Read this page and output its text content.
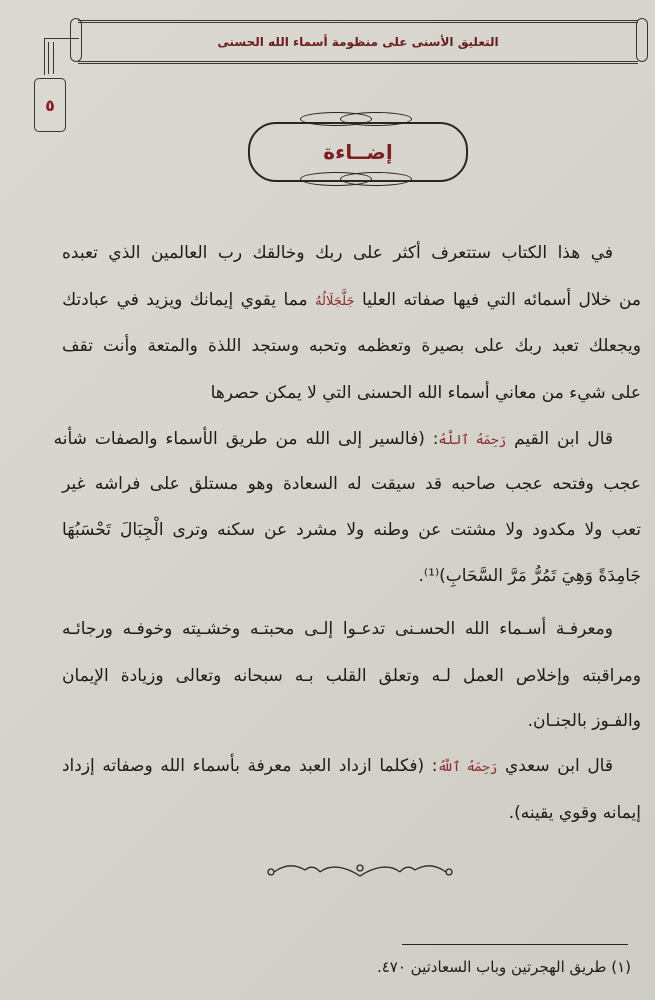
التعليق الأسنى على منظومة أسماء الله الحسنى
٥
إضــاءة
في هذا الكتاب ستتعرف أكثر على ربك وخالقك رب العالمين الذي تعبده
من خلال أسمائه التي فيها صفاته العليا جَلَّجَلَالُهُ مما يقوي إيمانك ويزيد في عبادتك
ويجعلك تعبد ربك على بصيرة وتعظمه وتحبه وستجد اللذة والمتعة وأنت تقف
على شيء من معاني أسماء الله الحسنى التي لا يمكن حصرها
قال ابن القيم رَحِمَهُ ٱللَّهُ: (فالسير إلى الله من طريق الأسماء والصفات شأنه
عجب وفتحه عجب صاحبه قد سيقت له السعادة وهو مستلق على فراشه غير
تعب ولا مكدود ولا مشتت عن وطنه ولا مشرد عن سكنه وترى الْجِبَالَ تَحْسَبُهَا
جَامِدَةً وَهِيَ تَمُرُّ مَرَّ السَّحَابِ)⁽¹⁾.
ومعرفـة أسـماء الله الحسـنى تدعـوا إلـى محبتـه وخشـيته وخوفـه ورجائـه
ومراقبته وإخلاص العمل لـه وتعلق القلب بـه سبحانه وتعالى وزيادة الإيمان
والفـوز بالجنـان.
قال ابن سعدي رَحِمَهُ ٱللَّهُ: (فكلما ازداد العبد معرفة بأسماء الله وصفاته إزداد
إيمانه وقوي يقينه).
(١) طريق الهجرتين وباب السعادتين ٤٧٠.
